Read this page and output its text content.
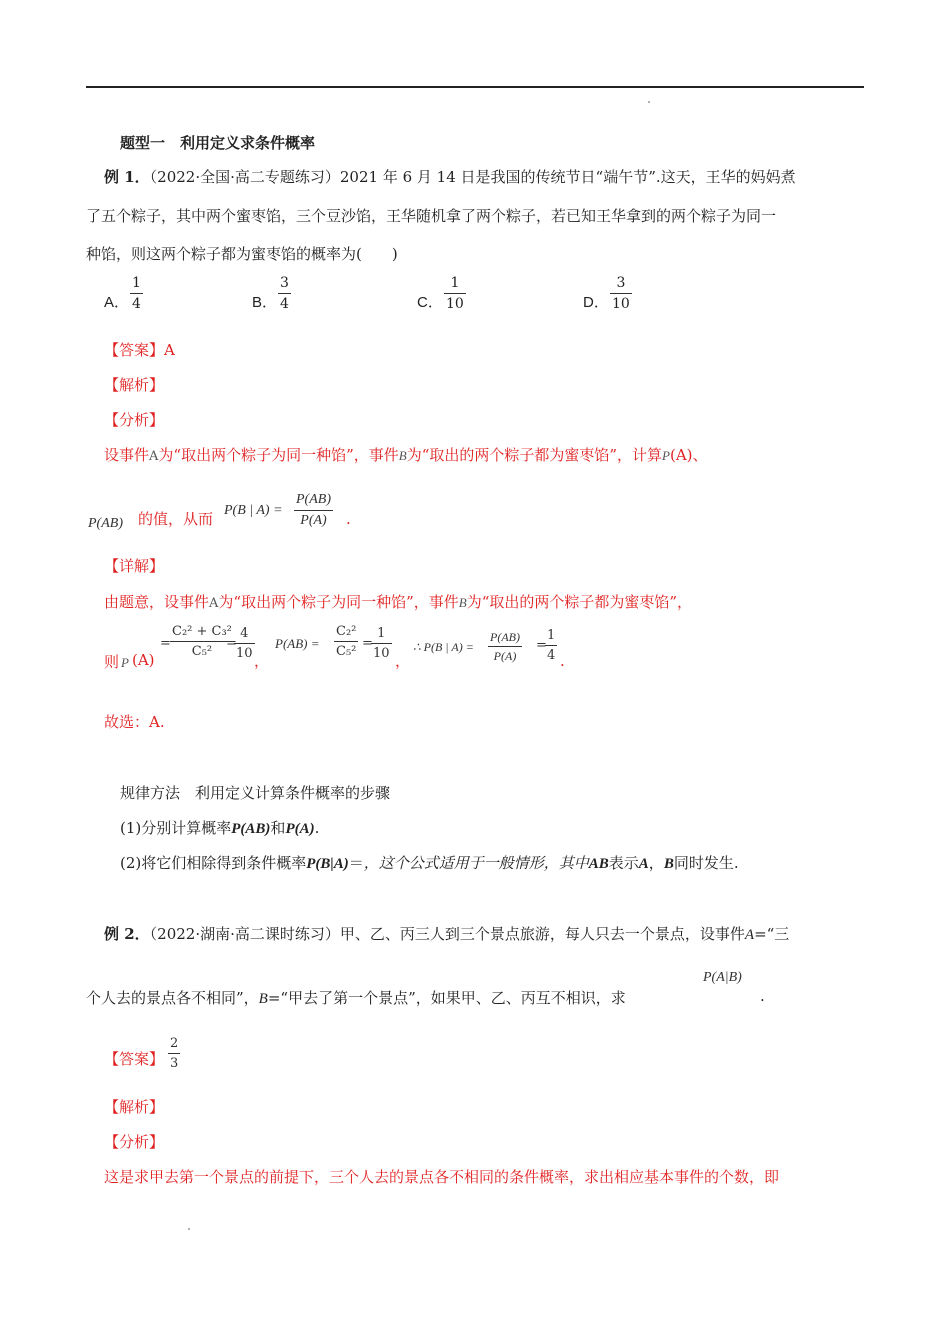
题型一　利用定义求条件概率
例 1．（2022·全国·高二专题练习）2021 年 6 月 14 日是我国的传统节日“端午节”.这天，王华的妈妈煮
了五个粽子，其中两个蜜枣馅，三个豆沙馅，王华随机拿了两个粽子，若已知王华拿到的两个粽子为同一
种馅，则这两个粽子都为蜜枣馅的概率为(　　)
A．
1
4	B．
3
4	C．
1
10	D．
3
10
【答案】A
【解析】
【分析】
设事件A为“取出两个粽子为同一种馅”，事件B为“取出的两个粽子都为蜜枣馅”，计算P(A)、
P(AB) 的值，从而 P(B | A) =
P(AB)
P(A)	.
【详解】
由题意，设事件A为“取出两个粽子为同一种馅”，事件B为“取出的两个粽子都为蜜枣馅”，
则 P (A)
=
C₂² + C₃²
C₅²
=
4
10 ，
P(AB) =
C₂²
C₅²
=
1
10 ，
∴ P(B | A) =
P(AB)
P(A)
=
1
4 .
故选：A.
规律方法　利用定义计算条件概率的步骤
(1)分别计算概率P(AB)和P(A).
(2)将它们相除得到条件概率P(B|A)＝，这个公式适用于一般情形，其中AB表示A，B同时发生.
例 2．（2022·湖南·高二课时练习）甲、乙、丙三人到三个景点旅游，每人只去一个景点，设事件A=“三
个人去的景点各不相同”，B=“甲去了第一个景点”，如果甲、乙、丙互不相识，求
P(A|B)
.
【答案】
2
3
【解析】
【分析】
这是求甲去第一个景点的前提下，三个人去的景点各不相同的条件概率，求出相应基本事件的个数，即
